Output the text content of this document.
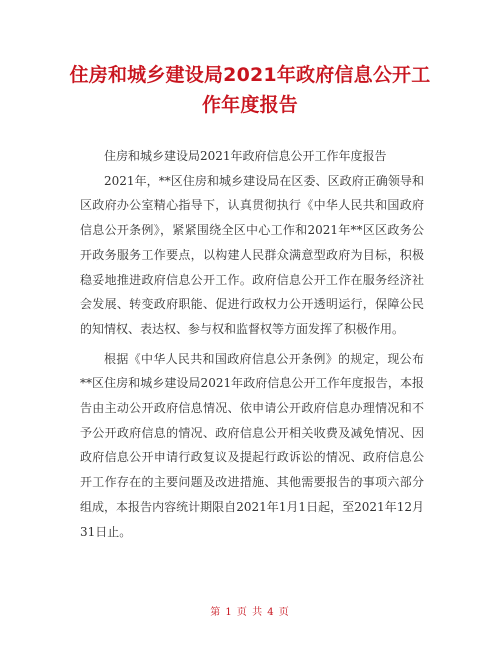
住房和城乡建设局2021年政府信息公开工作年度报告

住房和城乡建设局2021年政府信息公开工作年度报告

2021年，**区住房和城乡建设局在区委、区政府正确领导和区政府办公室精心指导下，认真贯彻执行《中华人民共和国政府信息公开条例》，紧紧围绕全区中心工作和2021年**区区政务公开政务服务工作要点，以构建人民群众满意型政府为目标，积极稳妥地推进政府信息公开工作。政府信息公开工作在服务经济社会发展、转变政府职能、促进行政权力公开透明运行，保障公民的知情权、表达权、参与权和监督权等方面发挥了积极作用。

根据《中华人民共和国政府信息公开条例》的规定，现公布**区住房和城乡建设局2021年政府信息公开工作年度报告，本报告由主动公开政府信息情况、依申请公开政府信息办理情况和不予公开政府信息的情况、政府信息公开相关收费及减免情况、因政府信息公开申请行政复议及提起行政诉讼的情况、政府信息公开工作存在的主要问题及改进措施、其他需要报告的事项六部分组成，本报告内容统计期限自2021年1月1日起，至2021年12月31日止。

第 1 页 共 4 页
